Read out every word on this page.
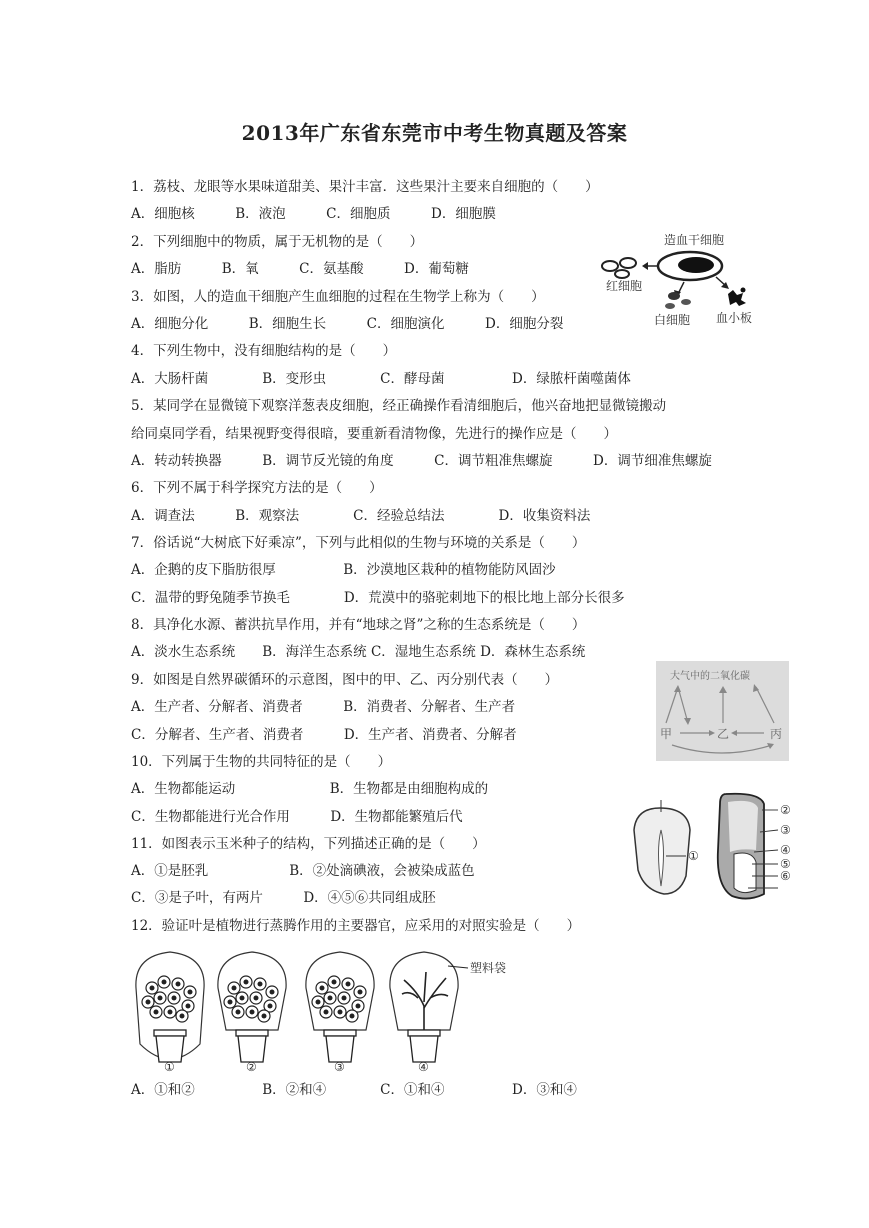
2013年广东省东莞市中考生物真题及答案
1．荔枝、龙眼等水果味道甜美、果汁丰富．这些果汁主要来自细胞的（　　）
A．细胞核　　　B．液泡　　　C．细胞质　　　D．细胞膜
2．下列细胞中的物质，属于无机物的是（　　）
A．脂肪　　　B．氧　　　C．氨基酸　　　D．葡萄糖
3．如图，人的造血干细胞产生血细胞的过程在生物学上称为（　　）
A．细胞分化　　　B．细胞生长　　　C．细胞演化　　　D．细胞分裂
4．下列生物中，没有细胞结构的是（　　）
A．大肠杆菌　　　　B．变形虫　　　　C．酵母菌　　　　　D．绿脓杆菌噬菌体
5．某同学在显微镜下观察洋葱表皮细胞，经正确操作看清细胞后，他兴奋地把显微镜搬动
给同桌同学看，结果视野变得很暗，要重新看清物像，先进行的操作应是（　　）
A．转动转换器　　　B．调节反光镜的角度　　　C．调节粗准焦螺旋　　　D．调节细准焦螺旋
6．下列不属于科学探究方法的是（　　）
A．调查法　　　B．观察法　　　　C．经验总结法　　　　D．收集资料法
7．俗话说“大树底下好乘凉”，下列与此相似的生物与环境的关系是（　　）
A．企鹅的皮下脂肪很厚　　　　　B．沙漠地区栽种的植物能防风固沙
C．温带的野兔随季节换毛　　　　D．荒漠中的骆驼刺地下的根比地上部分长很多
8．具净化水源、蓄洪抗旱作用，并有“地球之肾”之称的生态系统是（　　）
A．淡水生态系统　　B．海洋生态系统 C．湿地生态系统 D．森林生态系统
9．如图是自然界碳循环的示意图，图中的甲、乙、丙分别代表（　　）
A．生产者、分解者、消费者　　　B．消费者、分解者、生产者
C．分解者、生产者、消费者　　　D．生产者、消费者、分解者
10．下列属于生物的共同特征的是（　　）
A．生物都能运动　　　　　　　B．生物都是由细胞构成的
C．生物都能进行光合作用　　　D．生物都能繁殖后代
11．如图表示玉米种子的结构，下列描述正确的是（　　）
A．①是胚乳　　　　　　B．②处滴碘液，会被染成蓝色
C．③是子叶，有两片　　　D．④⑤⑥共同组成胚
12．验证叶是植物进行蒸腾作用的主要器官，应采用的对照实验是（　　）
A．①和②　　　　　B．②和④　　　　C．①和④　　　　　D．③和④
造血干细胞
红细胞
白细胞 血小板
大气中的二氧化碳
甲	乙	丙
①
②
③
④
⑤
⑥
塑料袋
①	②	③	④
